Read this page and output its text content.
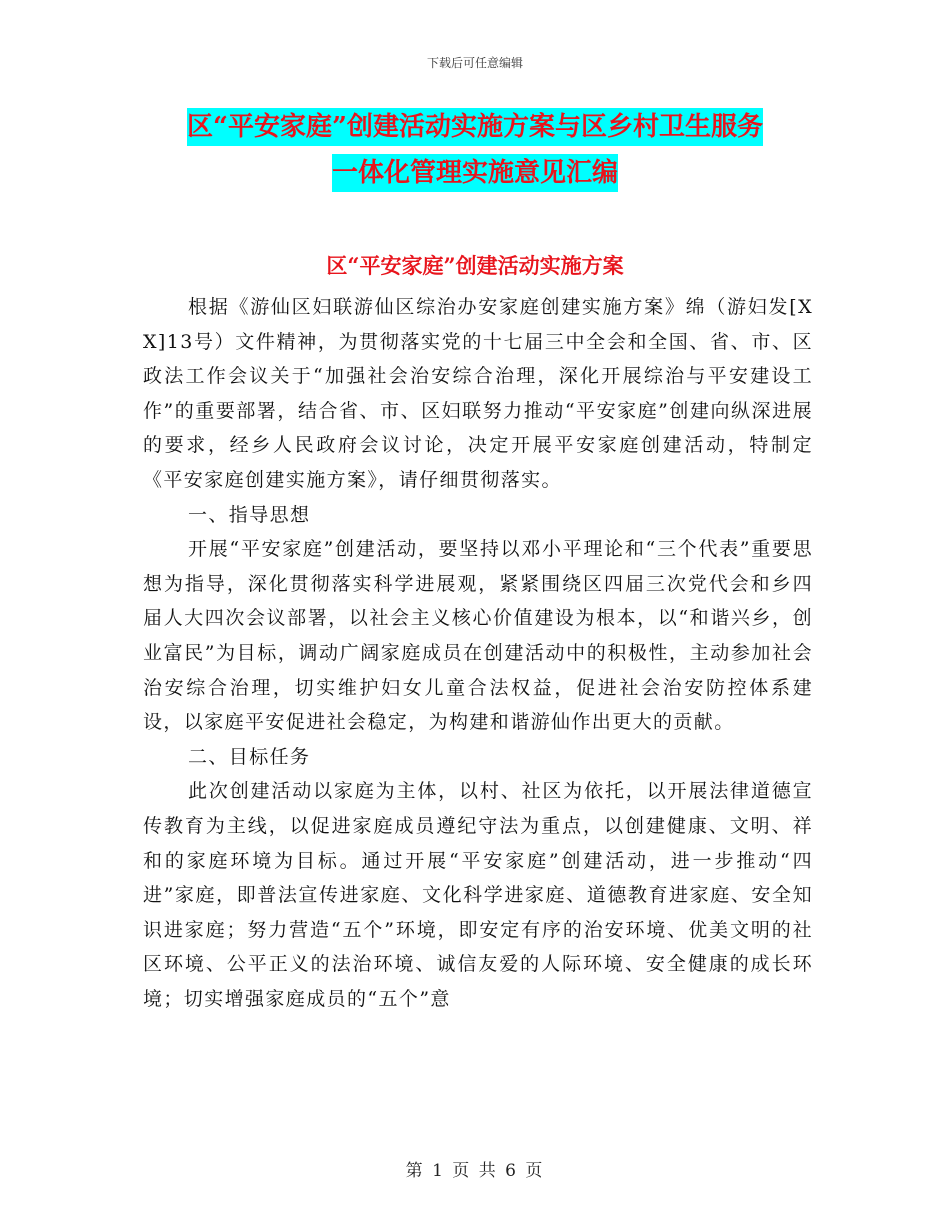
下载后可任意编辑
区“平安家庭”创建活动实施方案与区乡村卫生服务
一体化管理实施意见汇编
区“平安家庭”创建活动实施方案

根据《游仙区妇联游仙区综治办安家庭创建实施方案》绵（游妇发[XX]13号）文件精神，为贯彻落实党的十七届三中全会和全国、省、市、区政法工作会议关于“加强社会治安综合治理，深化开展综治与平安建设工作”的重要部署，结合省、市、区妇联努力推动“平安家庭”创建向纵深进展的要求，经乡人民政府会议讨论，决定开展平安家庭创建活动，特制定《平安家庭创建实施方案》，请仔细贯彻落实。

一、指导思想

开展“平安家庭”创建活动，要坚持以邓小平理论和“三个代表”重要思想为指导，深化贯彻落实科学进展观，紧紧围绕区四届三次党代会和乡四届人大四次会议部署，以社会主义核心价值建设为根本，以“和谐兴乡，创业富民”为目标，调动广阔家庭成员在创建活动中的积极性，主动参加社会治安综合治理，切实维护妇女儿童合法权益，促进社会治安防控体系建设，以家庭平安促进社会稳定，为构建和谐游仙作出更大的贡献。

二、目标任务

此次创建活动以家庭为主体，以村、社区为依托，以开展法律道德宣传教育为主线，以促进家庭成员遵纪守法为重点，以创建健康、文明、祥和的家庭环境为目标。通过开展“平安家庭”创建活动，进一步推动“四进”家庭，即普法宣传进家庭、文化科学进家庭、道德教育进家庭、安全知识进家庭；努力营造“五个”环境，即安定有序的治安环境、优美文明的社区环境、公平正义的法治环境、诚信友爱的人际环境、安全健康的成长环境；切实增强家庭成员的“五个”意

第 1 页 共 6 页
